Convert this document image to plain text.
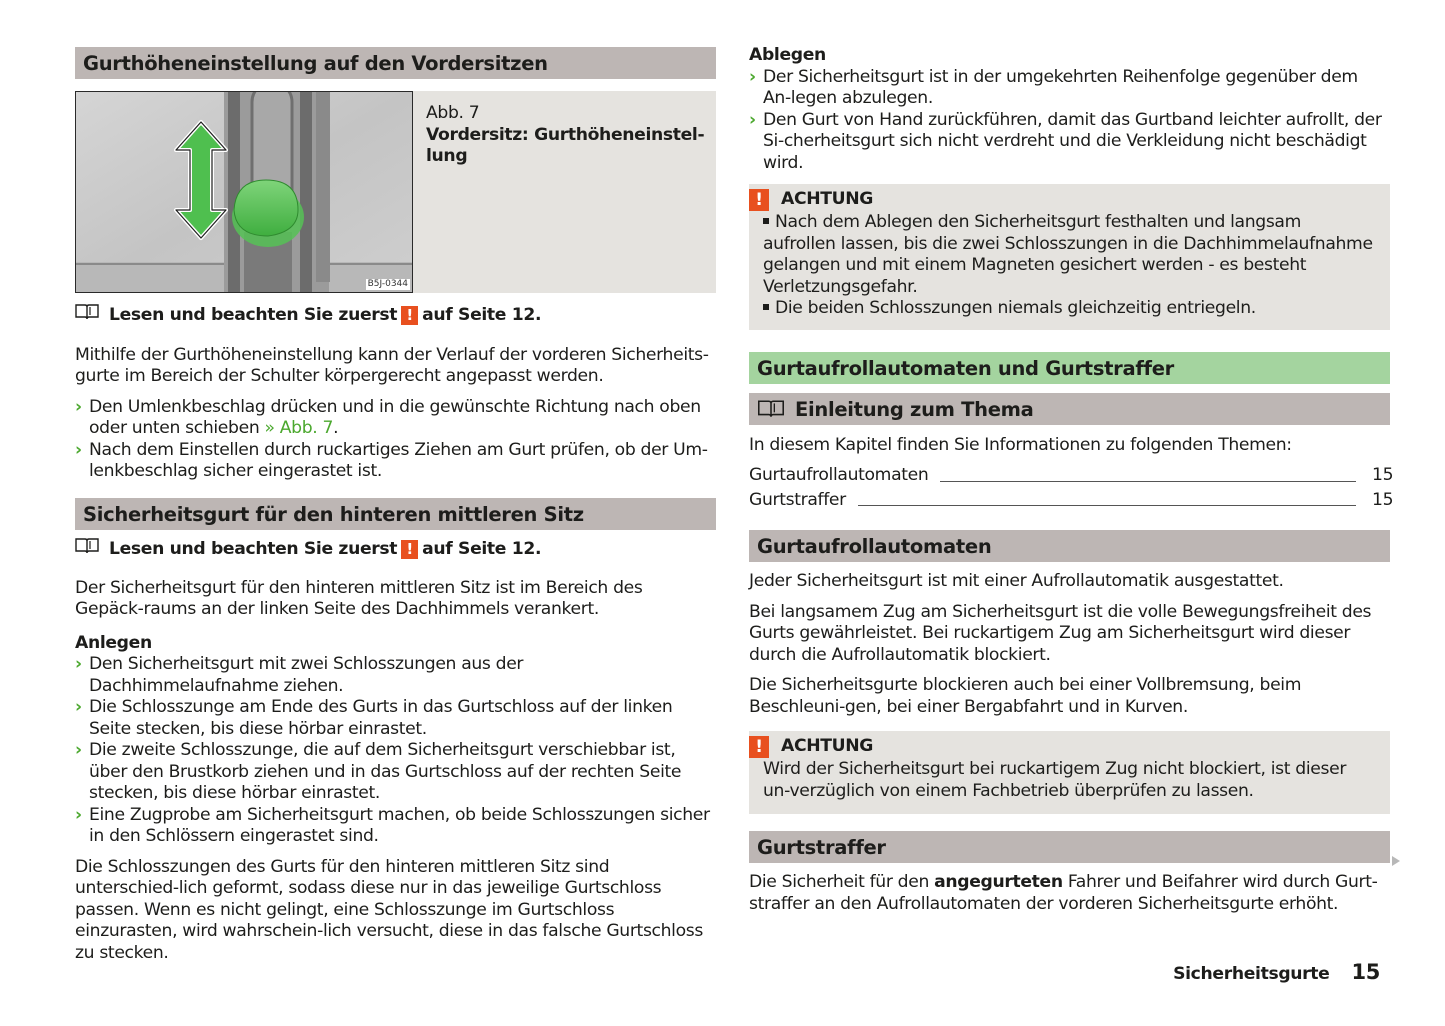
Gurthöheneinstellung auf den Vordersitzen
B5J-0344
Abb. 7
Vordersitz: Gurthöheneinstel-
lung
Lesen und beachten Sie zuerst ! auf Seite 12.

Mithilfe der Gurthöheneinstellung kann der Verlauf der vorderen Sicherheits-gurte im Bereich der Schulter körpergerecht angepasst werden.

› Den Umlenkbeschlag drücken und in die gewünschte Richtung nach oben oder unten schieben » Abb. 7.
› Nach dem Einstellen durch ruckartiges Ziehen am Gurt prüfen, ob der Um-lenkbeschlag sicher eingerastet ist.
Sicherheitsgurt für den hinteren mittleren Sitz
Lesen und beachten Sie zuerst ! auf Seite 12.

Der Sicherheitsgurt für den hinteren mittleren Sitz ist im Bereich des Gepäck-raums an der linken Seite des Dachhimmels verankert.

Anlegen
› Den Sicherheitsgurt mit zwei Schlosszungen aus der Dachhimmelaufnahme ziehen.
› Die Schlosszunge am Ende des Gurts in das Gurtschloss auf der linken Seite stecken, bis diese hörbar einrastet.
› Die zweite Schlosszunge, die auf dem Sicherheitsgurt verschiebbar ist, über den Brustkorb ziehen und in das Gurtschloss auf der rechten Seite stecken, bis diese hörbar einrastet.
› Eine Zugprobe am Sicherheitsgurt machen, ob beide Schlosszungen sicher in den Schlössern eingerastet sind.

Die Schlosszungen des Gurts für den hinteren mittleren Sitz sind unterschied-lich geformt, sodass diese nur in das jeweilige Gurtschloss passen. Wenn es nicht gelingt, eine Schlosszunge im Gurtschloss einzurasten, wird wahrschein-lich versucht, diese in das falsche Gurtschloss zu stecken.

Ablegen
› Der Sicherheitsgurt ist in der umgekehrten Reihenfolge gegenüber dem An-legen abzulegen.
› Den Gurt von Hand zurückführen, damit das Gurtband leichter aufrollt, der Si-cherheitsgurt sich nicht verdreht und die Verkleidung nicht beschädigt wird.
!	ACHTUNG
Nach dem Ablegen den Sicherheitsgurt festhalten und langsam aufrollen lassen, bis die zwei Schlosszungen in die Dachhimmelaufnahme gelangen und mit einem Magneten gesichert werden - es besteht Verletzungsgefahr.
Die beiden Schlosszungen niemals gleichzeitig entriegeln.
Gurtaufrollautomaten und Gurtstraffer
Einleitung zum Thema

In diesem Kapitel finden Sie Informationen zu folgenden Themen:

Gurtaufrollautomaten	15
Gurtstraffer	15
Gurtaufrollautomaten

Jeder Sicherheitsgurt ist mit einer Aufrollautomatik ausgestattet.

Bei langsamem Zug am Sicherheitsgurt ist die volle Bewegungsfreiheit des Gurts gewährleistet. Bei ruckartigem Zug am Sicherheitsgurt wird dieser durch die Aufrollautomatik blockiert.

Die Sicherheitsgurte blockieren auch bei einer Vollbremsung, beim Beschleuni-gen, bei einer Bergabfahrt und in Kurven.

!	ACHTUNG
Wird der Sicherheitsgurt bei ruckartigem Zug nicht blockiert, ist dieser un-verzüglich von einem Fachbetrieb überprüfen zu lassen.
Gurtstraffer

Die Sicherheit für den angegurteten Fahrer und Beifahrer wird durch Gurt-straffer an den Aufrollautomaten der vorderen Sicherheitsgurte erhöht.

Sicherheitsgurte 15
